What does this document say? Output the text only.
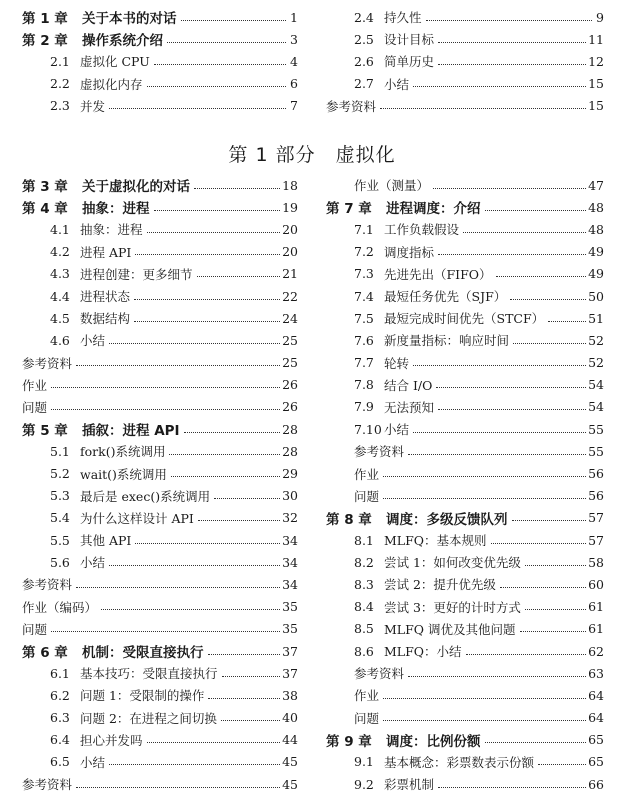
第 1 章	关于本书的对话	1
第 2 章	操作系统介绍	3
2.1 虚拟化 CPU	4
2.2 虚拟化内存	6
2.3 并发	7
2.4 持久性	9
2.5 设计目标	11
2.6 简单历史	12
2.7 小结	15
参考资料	15
第 1 部分　虚拟化
第 3 章	关于虚拟化的对话	18
第 4 章	抽象：进程	19
4.1 抽象：进程	20
4.2 进程 API	20
4.3 进程创建：更多细节	21
4.4 进程状态	22
4.5 数据结构	24
4.6 小结	25
参考资料	25
作业	26
问题	26
第 5 章	插叙：进程 API	28
5.1 fork()系统调用	28
5.2 wait()系统调用	29
5.3 最后是 exec()系统调用	30
5.4 为什么这样设计 API	32
5.5 其他 API	34
5.6 小结	34
参考资料	34
作业（编码）	35
问题	35
第 6 章	机制：受限直接执行	37
6.1 基本技巧：受限直接执行	37
6.2 问题 1：受限制的操作	38
6.3 问题 2：在进程之间切换	40
6.4 担心并发吗	44
6.5 小结	45
参考资料	45
作业（测量）	47
第 7 章	进程调度：介绍	48
7.1 工作负载假设	48
7.2 调度指标	49
7.3 先进先出（FIFO）	49
7.4 最短任务优先（SJF）	50
7.5 最短完成时间优先（STCF）	51
7.6 新度量指标：响应时间	52
7.7 轮转	52
7.8 结合 I/O	54
7.9 无法预知	54
7.10 小结	55
参考资料	55
作业	56
问题	56
第 8 章	调度：多级反馈队列	57
8.1 MLFQ：基本规则	57
8.2 尝试 1：如何改变优先级	58
8.3 尝试 2：提升优先级	60
8.4 尝试 3：更好的计时方式	61
8.5 MLFQ 调优及其他问题	61
8.6 MLFQ：小结	62
参考资料	63
作业	64
问题	64
第 9 章	调度：比例份额	65
9.1 基本概念：彩票数表示份额	65
9.2 彩票机制	66
